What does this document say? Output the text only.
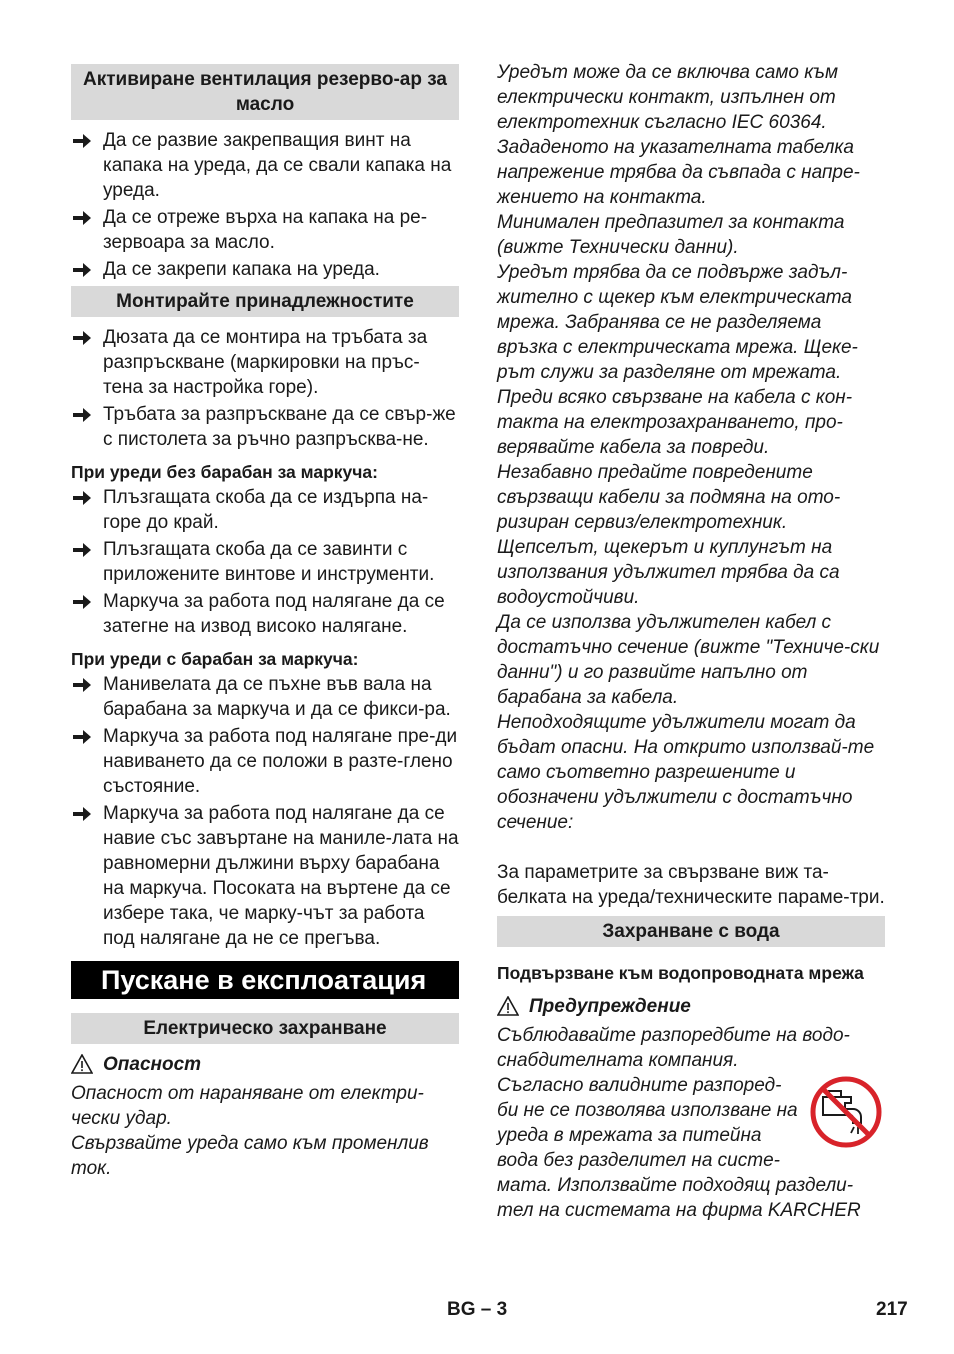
Активиране вентилация резерво-ар за масло
Да се развие закрепващия винт на капака на уреда, да се свали капака на уреда.
Да се отреже върха на капака на ре-зервоара за масло.
Да се закрепи капака на уреда.
Монтирайте принадлежностите
Дюзата да се монтира на тръбата за разпръскване (маркировки на пръс-тена за настройка горе).
Тръбата за разпръскване да се свър-же с пистолета за ръчно разпръсква-не.
При уреди без барабан за маркуча:
Плъзгащата скоба да се издърпа на-горе до край.
Плъзгащата скоба да се завинти с приложените винтове и инструменти.
Маркуча за работа под налягане да се затегне на извод високо налягане.
При уреди с барабан за маркуча:
Манивелата да се пъхне във вала на барабана за маркуча и да се фикси-ра.
Маркуча за работа под налягане пре-ди навиването да се положи в разте-глено състояние.
Маркуча за работа под налягане да се навие със завъртане на маниле-лата на равномерни дължини върху барабана на маркуча. Посоката на въртене да се избере така, че марку-чът за работа под налягане да не се прегъва.
Пускане в експлоатация
Електрическо захранване
Опасност

Опасност от нараняване от електри-чески удар.

Свързвайте уреда само към променлив ток.

Уредът може да се включва само към електрически контакт, изпълнен от електротехник съгласно IEC 60364.

Зададеното на указателната табелка напрежение трябва да съвпада с напре-жението на контакта.

Минимален предпазител за контакта (вижте Технически данни).

Уредът трябва да се подвържe задъл-жително с щекер към електрическата мрежа. Забранява се не разделяема връзка с електрическата мрежа. Щеке-рът служи за разделяне от мрежата.

Преди всяко свързване на кабела с кон-такта на електрозахранването, про-верявайте кабела за повреди.

Незабавно предайте повредените свързващи кабели за подмяна на ото-ризиран сервиз/електротехник.

Щепселът, щекерът и куплунгът на използвания удължител трябва да са водоустойчиви.

Да се използва удължителен кабел с достатъчно сечение (вижте "Техниче-ски данни") и го развийте напълно от барабана за кабела.

Неподходящите удължители могат да бъдат опасни. На открито използвай-те само съответно разрешените и обозначени удължители с достатъчно сечение:

За параметрите за свързване виж та-белката на уреда/техническите параме-три.

Захранване с вода
Подвързване към водопроводната мрежа
Предупреждение

Съблюдавайте разпоредбите на водо-снабдителната компания.

Съгласно валидните разпоред-би не се позволява използване на уреда в мрежата за питейна вода без разделител на систе-мата. Използвайте подходящ раздели-тел на системата на фирма KARCHER

BG – 3	217
